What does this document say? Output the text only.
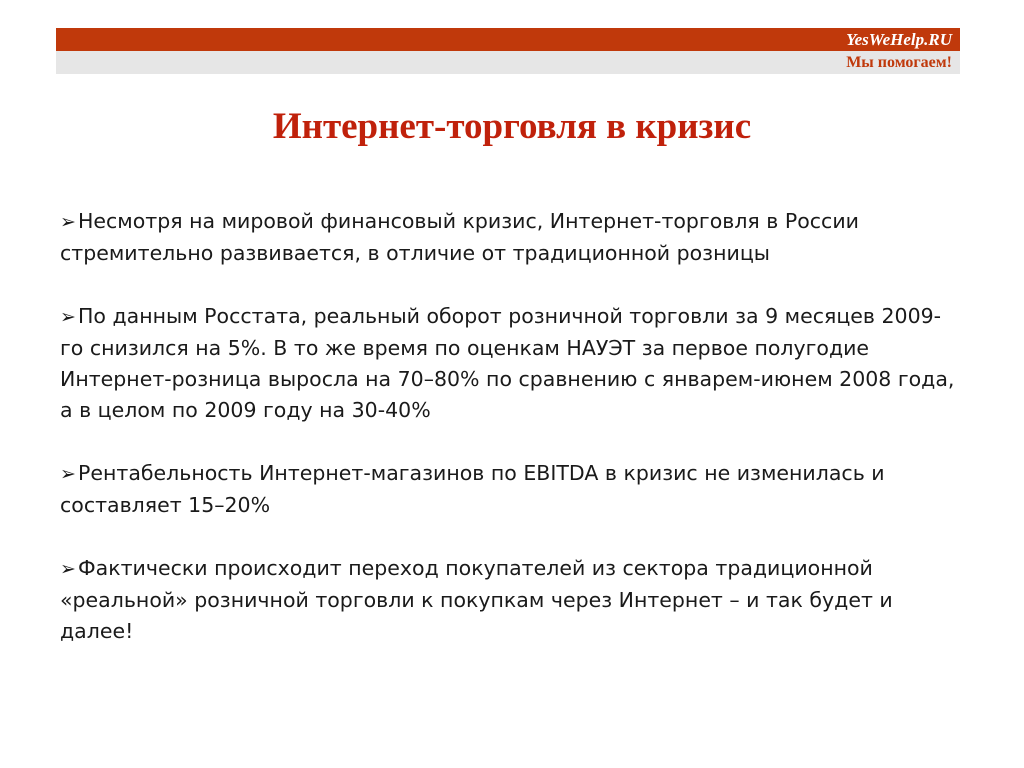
YesWeHelp.RU
Мы помогаем!
Интернет-торговля в кризис
➢ Несмотря на мировой финансовый кризис, Интернет-торговля в России стремительно развивается, в отличие от традиционной розницы
➢ По данным Росстата, реальный оборот розничной торговли за 9 месяцев 2009-го снизился на 5%. В то же время по оценкам НАУЭТ за первое полугодие Интернет-розница выросла на 70–80% по сравнению с январем-июнем 2008 года, а в целом по 2009 году на 30-40%
➢ Рентабельность Интернет-магазинов по EBITDA в кризис не изменилась и составляет 15–20%
➢ Фактически происходит переход покупателей из сектора традиционной «реальной» розничной торговли к покупкам через Интернет – и так будет и далее!
